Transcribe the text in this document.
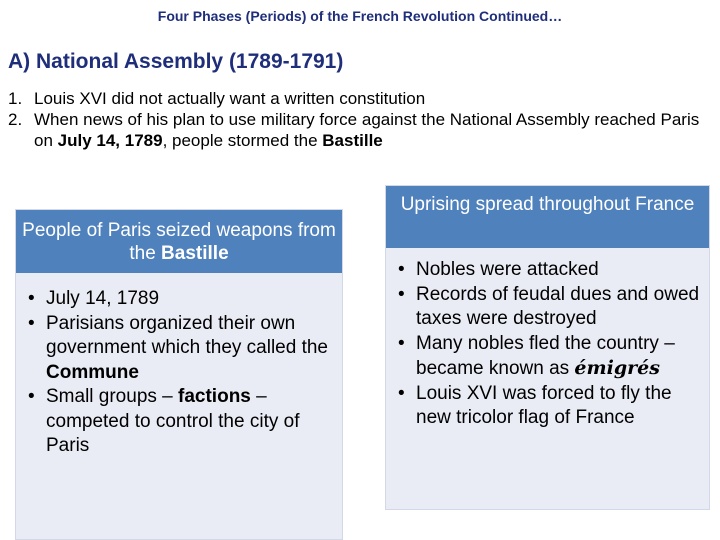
Four Phases (Periods) of the French Revolution Continued…
A) National Assembly (1789-1791)
1. Louis XVI did not actually want a written constitution
2. When news of his plan to use military force against the National Assembly reached Paris on July 14, 1789, people stormed the Bastille
People of Paris seized weapons from the Bastille
• July 14, 1789
• Parisians organized their own government which they called the Commune
• Small groups – factions – competed to control the city of Paris
Uprising spread throughout France
• Nobles were attacked
• Records of feudal dues and owed taxes were destroyed
• Many nobles fled the country – became known as émigrés
• Louis XVI was forced to fly the new tricolor flag of France
